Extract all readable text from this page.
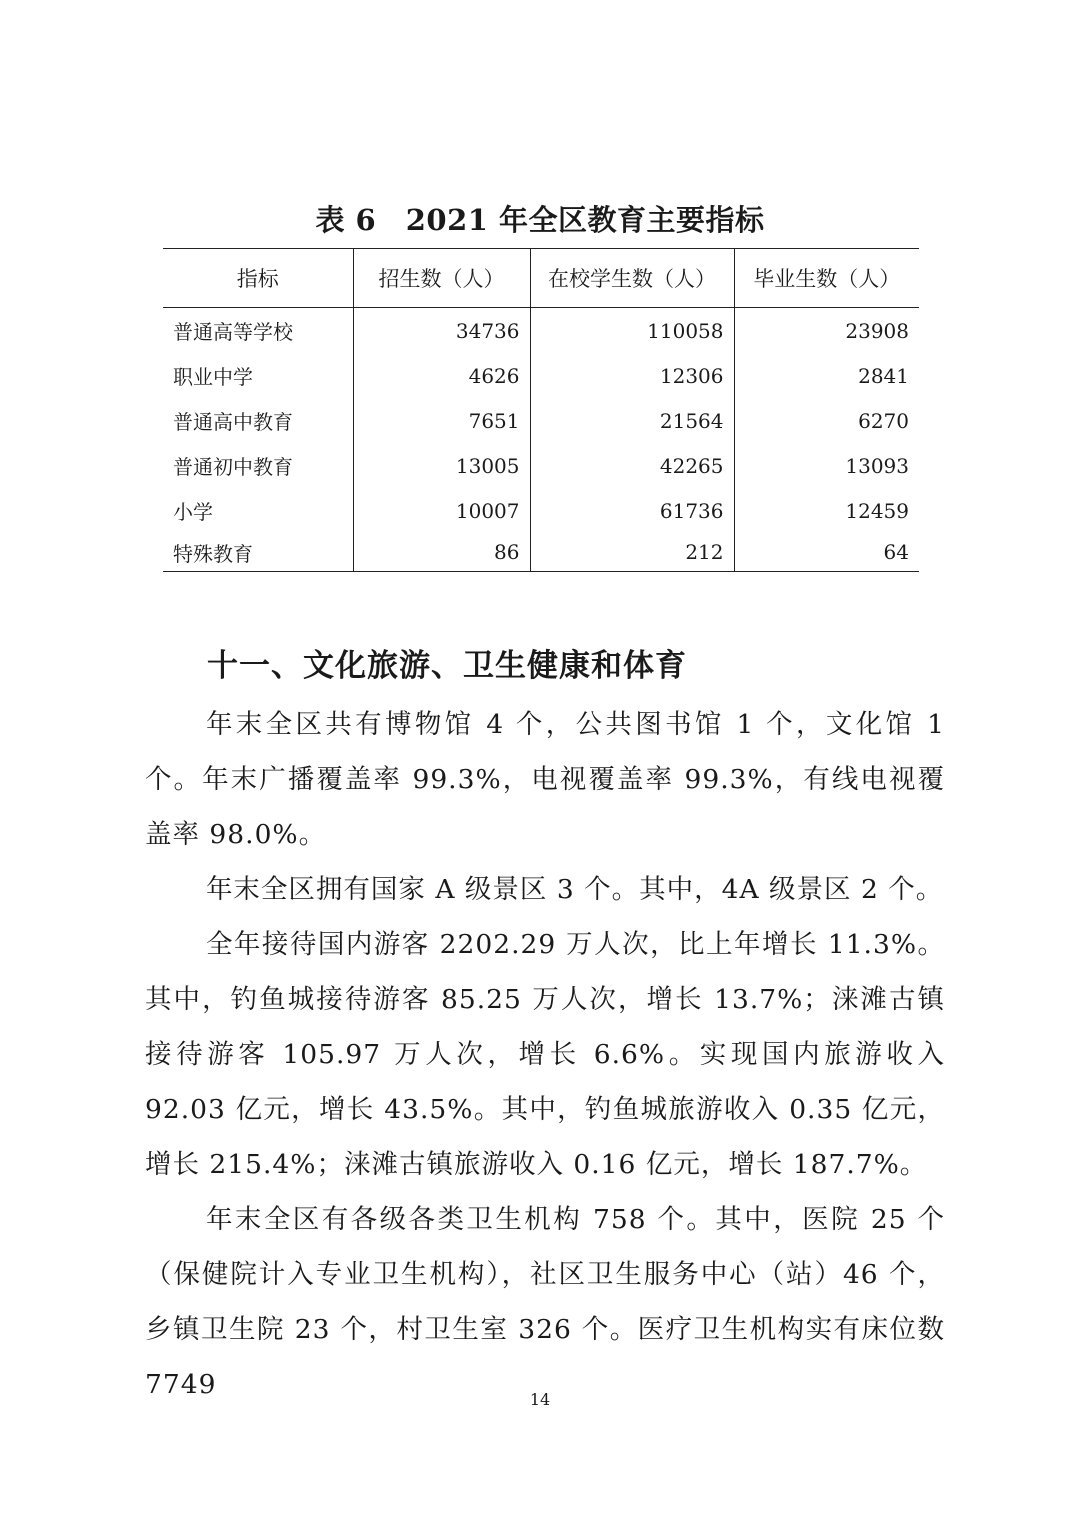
表 6　2021 年全区教育主要指标
指标	招生数（人）	在校学生数（人）	毕业生数（人）
普通高等学校	34736	110058	23908
职业中学	4626	12306	2841
普通高中教育	7651	21564	6270
普通初中教育	13005	42265	13093
小学	10007	61736	12459
特殊教育	86	212	64
十一、文化旅游、卫生健康和体育

年末全区共有博物馆 4 个，公共图书馆 1 个，文化馆 1 个。年末广播覆盖率 99.3%，电视覆盖率 99.3%，有线电视覆盖率 98.0%。

年末全区拥有国家 A 级景区 3 个。其中，4A 级景区 2 个。

全年接待国内游客 2202.29 万人次，比上年增长 11.3%。其中，钓鱼城接待游客 85.25 万人次，增长 13.7%；涞滩古镇接待游客 105.97 万人次，增长 6.6%。实现国内旅游收入 92.03 亿元，增长 43.5%。其中，钓鱼城旅游收入 0.35 亿元，增长 215.4%；涞滩古镇旅游收入 0.16 亿元，增长 187.7%。

年末全区有各级各类卫生机构 758 个。其中，医院 25 个（保健院计入专业卫生机构），社区卫生服务中心（站）46 个，乡镇卫生院 23 个，村卫生室 326 个。医疗卫生机构实有床位数 7749	14
